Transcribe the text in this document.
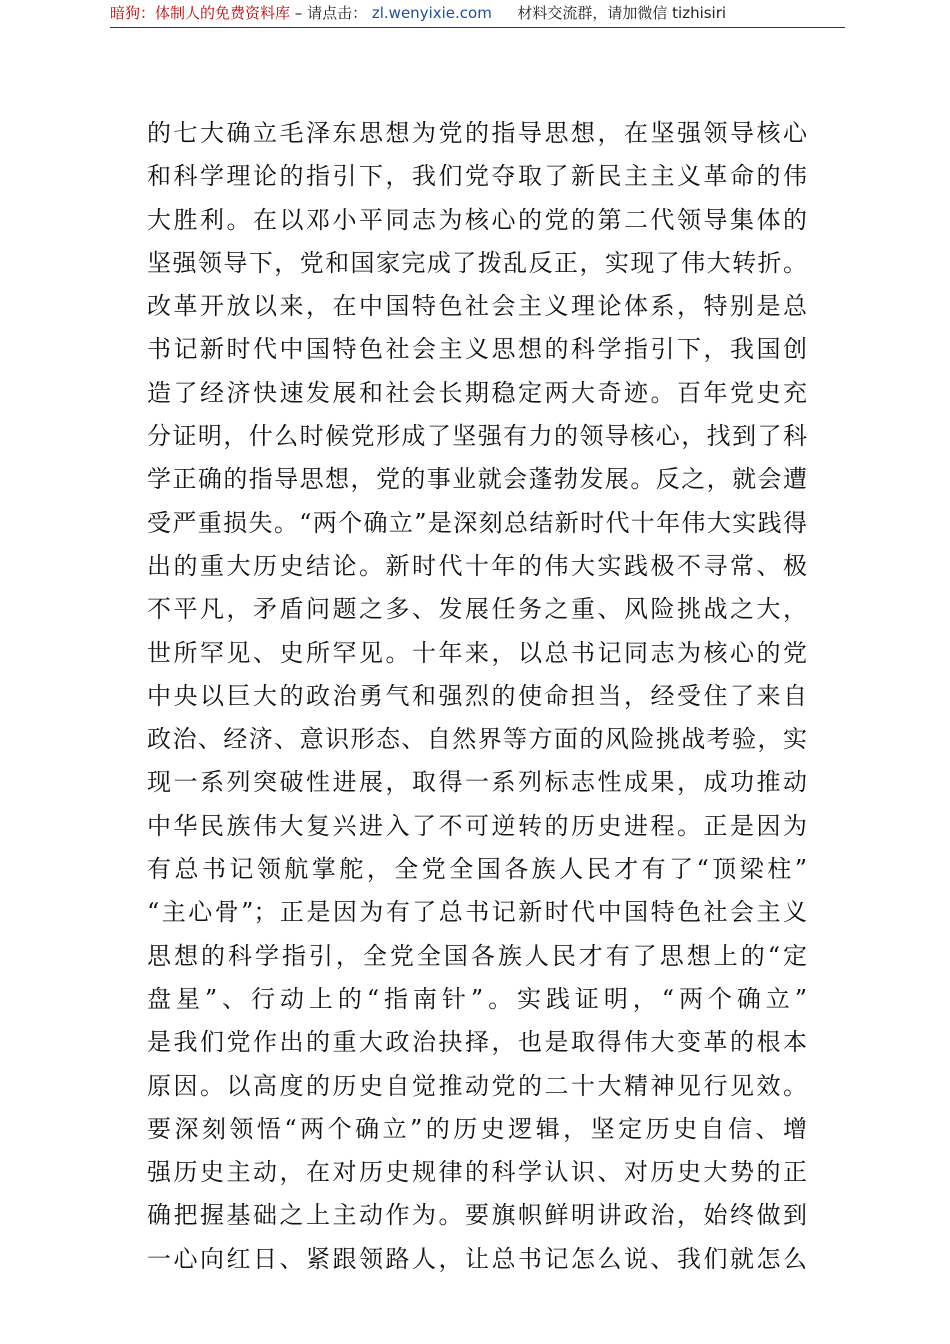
暗狗：体制人的免费资料库 – 请点击： zl.wenyixie.com 材料交流群，请加微信 tizhisiri
的七大确立毛泽东思想为党的指导思想，在坚强领导核心
和科学理论的指引下，我们党夺取了新民主主义革命的伟
大胜利。在以邓小平同志为核心的党的第二代领导集体的
坚强领导下，党和国家完成了拨乱反正，实现了伟大转折。
改革开放以来，在中国特色社会主义理论体系，特别是总
书记新时代中国特色社会主义思想的科学指引下，我国创
造了经济快速发展和社会长期稳定两大奇迹。百年党史充
分证明，什么时候党形成了坚强有力的领导核心，找到了科
学正确的指导思想，党的事业就会蓬勃发展。反之，就会遭
受严重损失。“两个确立”是深刻总结新时代十年伟大实践得
出的重大历史结论。新时代十年的伟大实践极不寻常、极
不平凡，矛盾问题之多、发展任务之重、风险挑战之大，
世所罕见、史所罕见。十年来，以总书记同志为核心的党
中央以巨大的政治勇气和强烈的使命担当，经受住了来自
政治、经济、意识形态、自然界等方面的风险挑战考验，实
现一系列突破性进展，取得一系列标志性成果，成功推动
中华民族伟大复兴进入了不可逆转的历史进程。正是因为
有总书记领航掌舵，全党全国各族人民才有了“顶梁柱”
“主心骨”；正是因为有了总书记新时代中国特色社会主义
思想的科学指引，全党全国各族人民才有了思想上的“定
盘星”、行动上的“指南针”。实践证明，“两个确立”
是我们党作出的重大政治抉择，也是取得伟大变革的根本
原因。以高度的历史自觉推动党的二十大精神见行见效。
要深刻领悟“两个确立”的历史逻辑，坚定历史自信、增
强历史主动，在对历史规律的科学认识、对历史大势的正
确把握基础之上主动作为。要旗帜鲜明讲政治，始终做到
一心向红日、紧跟领路人，让总书记怎么说、我们就怎么
